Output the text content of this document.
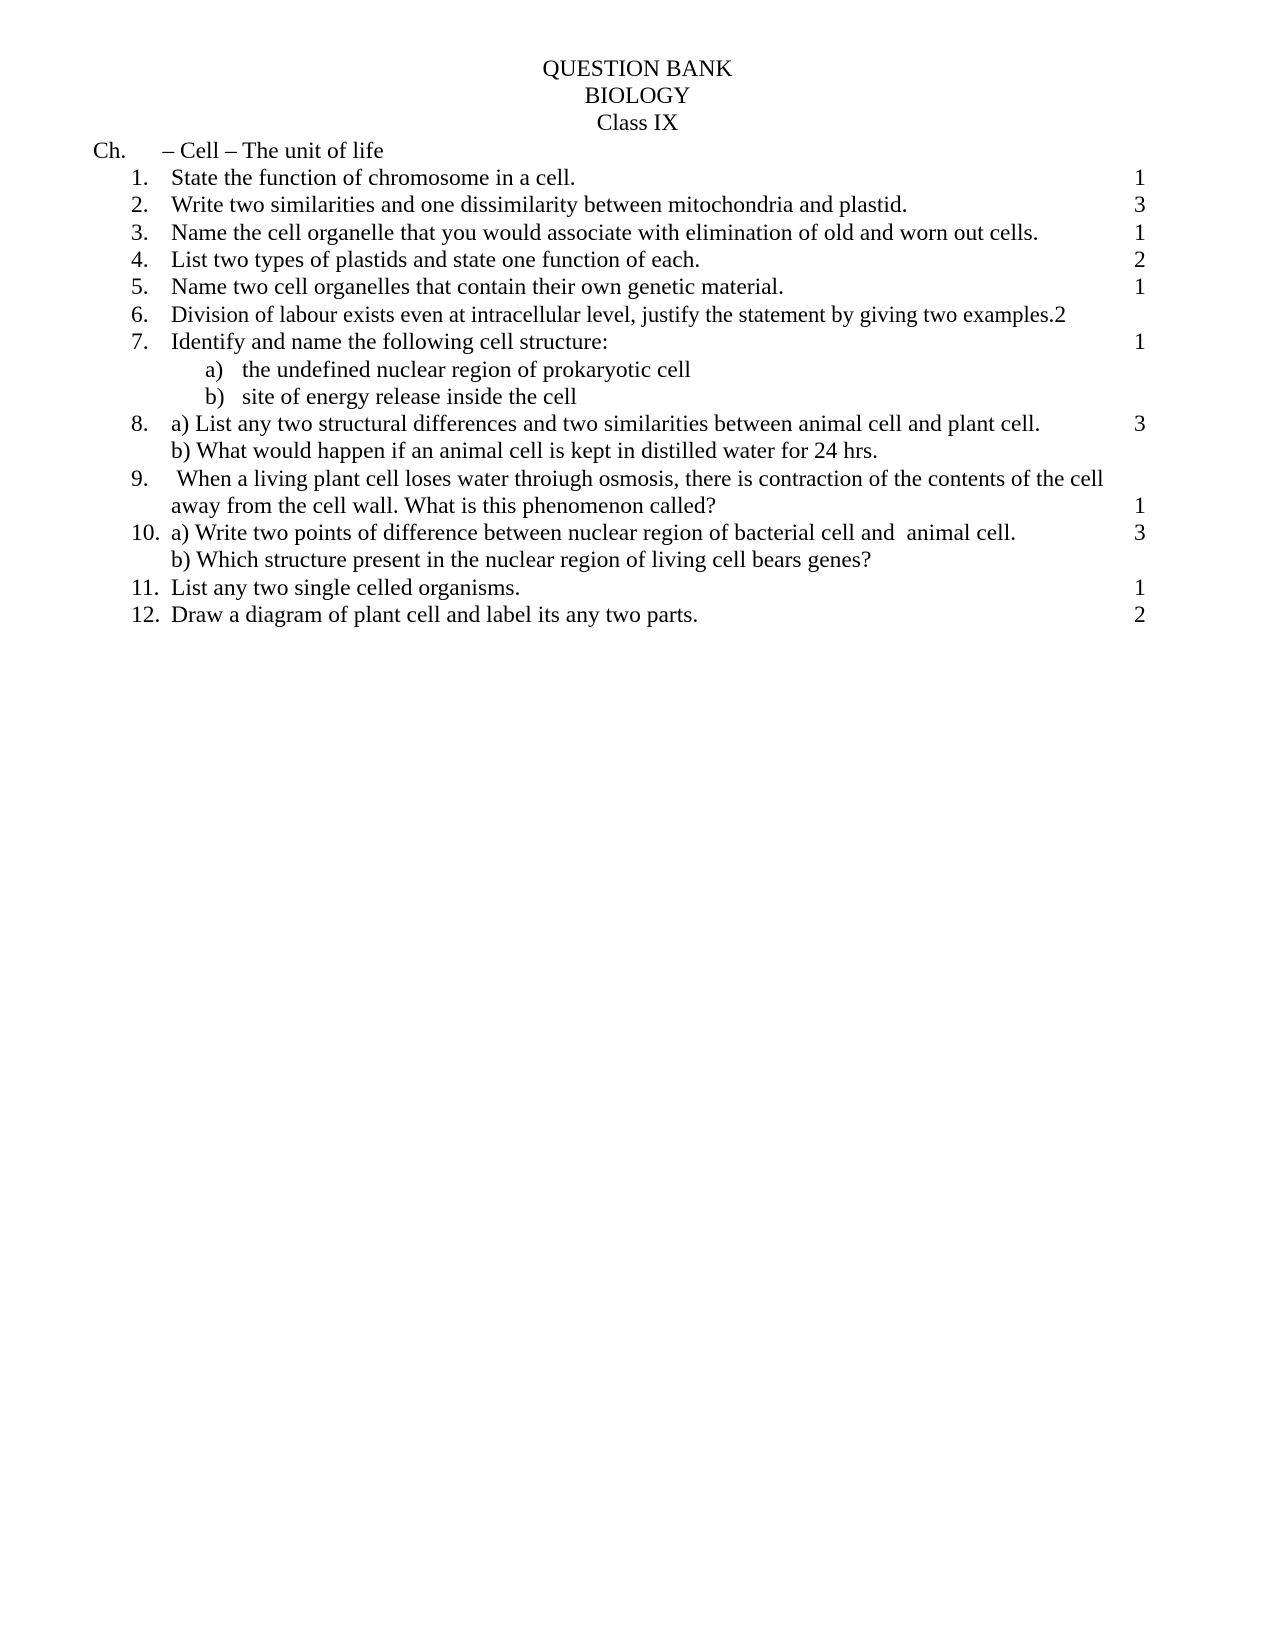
QUESTION BANK
BIOLOGY
Class IX
Ch. – Cell – The unit of life
1. State the function of chromosome in a cell.	1
2. Write two similarities and one dissimilarity between mitochondria and plastid.	3
3. Name the cell organelle that you would associate with elimination of old and worn out cells.	1
4. List two types of plastids and state one function of each.	2
5. Name two cell organelles that contain their own genetic material.	1
6. Division of labour exists even at intracellular level, justify the statement by giving two examples.2
7. Identify and name the following cell structure:	1
a) the undefined nuclear region of prokaryotic cell
b) site of energy release inside the cell
8. a) List any two structural differences and two similarities between animal cell and plant cell.	3
b) What would happen if an animal cell is kept in distilled water for 24 hrs.
9. When a living plant cell loses water throiugh osmosis, there is contraction of the contents of the cell
away from the cell wall. What is this phenomenon called?	1
10. a) Write two points of difference between nuclear region of bacterial cell and  animal cell.	3
b) Which structure present in the nuclear region of living cell bears genes?
11. List any two single celled organisms.	1
12. Draw a diagram of plant cell and label its any two parts.	2
